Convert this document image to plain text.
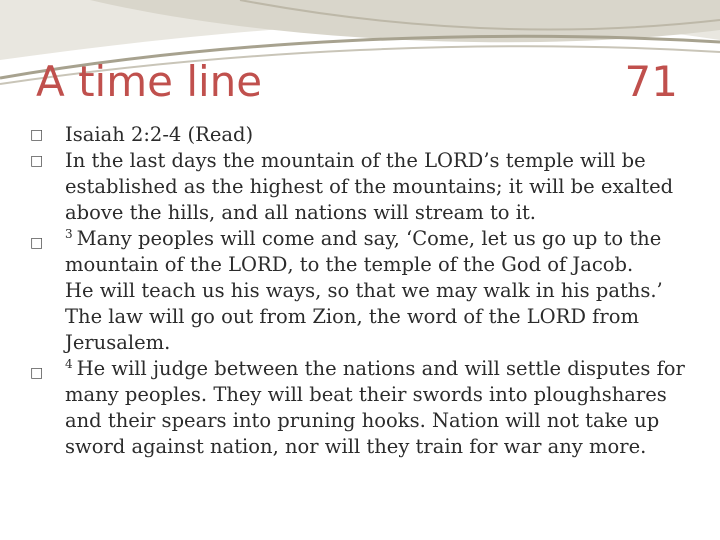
A time line	71

□ Isaiah 2:2-4 (Read)

□ In the last days the mountain of the LORD’s temple will be established as the highest of the mountains; it will be exalted above the hills, and all nations will stream to it.

□
$^3$ Many peoples will come and say, ‘Come, let us go up to the mountain of the LORD, to the temple of the God of Jacob.
He will teach us his ways, so that we may walk in his paths.’
The law will go out from Zion, the word of the LORD from Jerusalem.

□
$^4$ He will judge between the nations and will settle disputes for many peoples. They will beat their swords into ploughshares and their spears into pruning hooks. Nation will not take up sword against nation, nor will they train for war any more.
